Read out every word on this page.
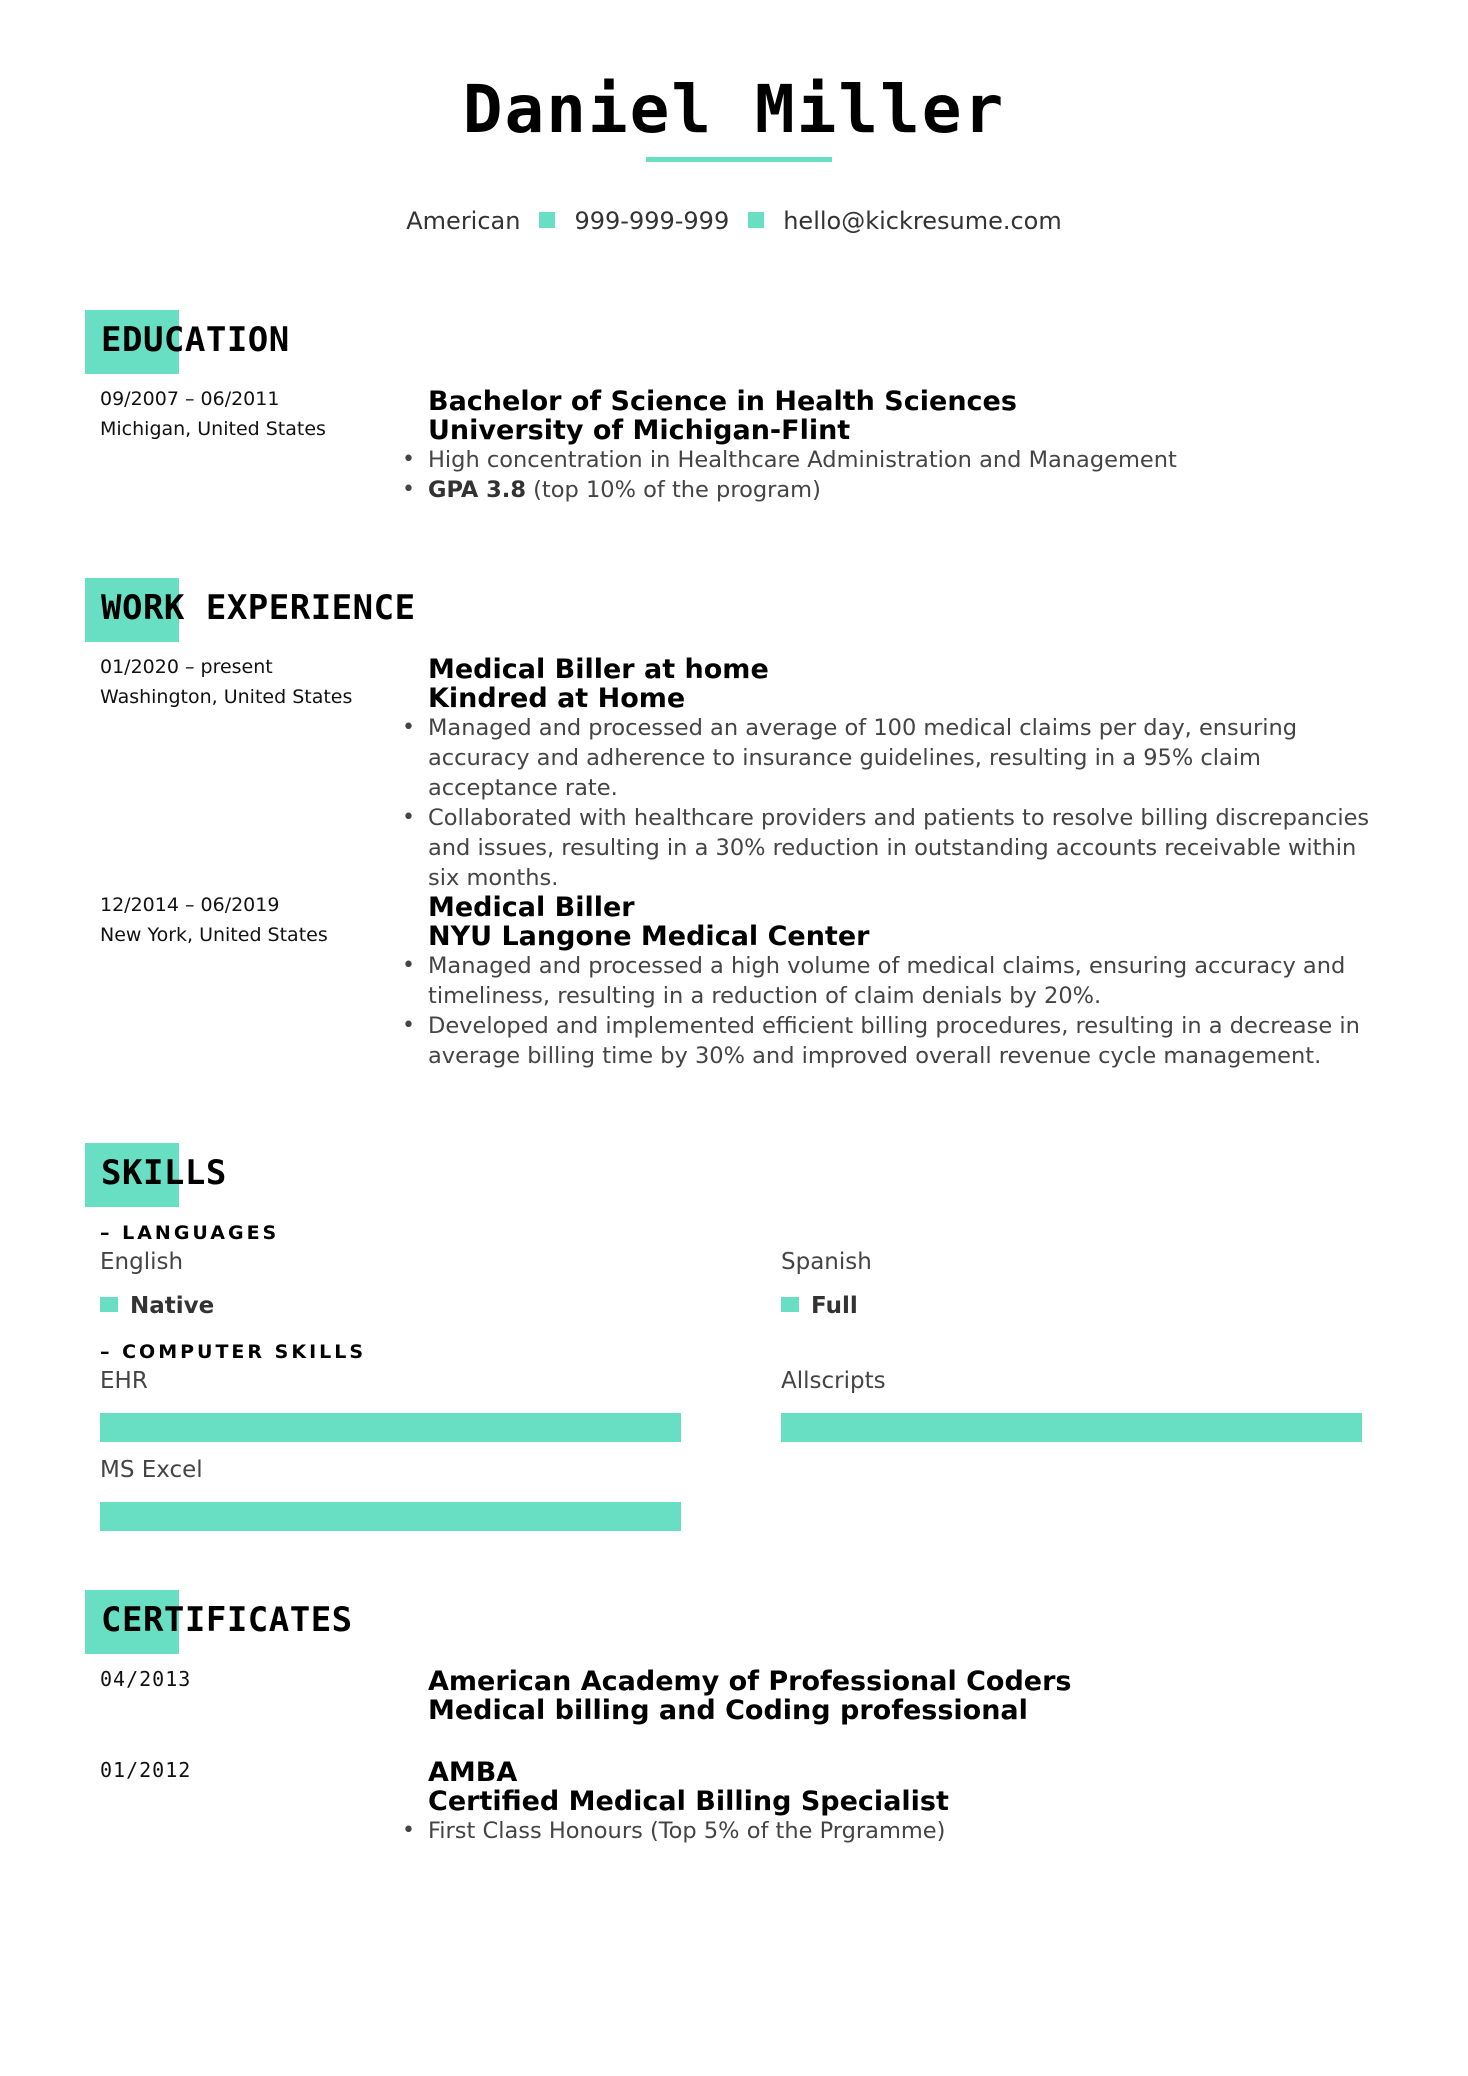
Daniel Miller
American 999-999-999 hello@kickresume.com
EDUCATION
09/2007 – 06/2011
Michigan, United States
Bachelor of Science in Health Sciences
University of Michigan-Flint
• High concentration in Healthcare Administration and Management
• GPA 3.8 (top 10% of the program)
WORK EXPERIENCE
01/2020 – present
Washington, United States
Medical Biller at home
Kindred at Home
• Managed and processed an average of 100 medical claims per day, ensuring accuracy and adherence to insurance guidelines, resulting in a 95% claim acceptance rate.
• Collaborated with healthcare providers and patients to resolve billing discrepancies and issues, resulting in a 30% reduction in outstanding accounts receivable within six months.
12/2014 – 06/2019
New York, United States
Medical Biller
NYU Langone Medical Center
• Managed and processed a high volume of medical claims, ensuring accuracy and timeliness, resulting in a reduction of claim denials by 20%.
• Developed and implemented efficient billing procedures, resulting in a decrease in average billing time by 30% and improved overall revenue cycle management.
SKILLS
– LANGUAGES
English
Native
Spanish
Full
– COMPUTER SKILLS
EHR	Allscripts
MS Excel
CERTIFICATES
04/2013	American Academy of Professional Coders
Medical billing and Coding professional
01/2012	AMBA
Certified Medical Billing Specialist
• First Class Honours (Top 5% of the Prgramme)
